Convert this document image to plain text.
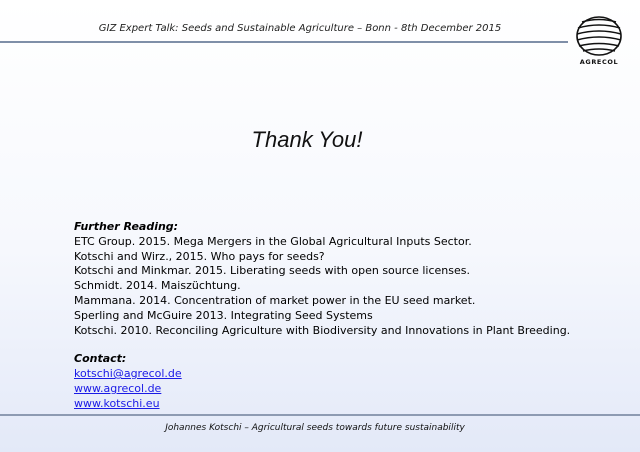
GIZ Expert Talk: Seeds and Sustainable Agriculture – Bonn - 8th December 2015
AGRECOL
Thank You!
Further Reading:
ETC Group. 2015. Mega Mergers in the Global Agricultural Inputs Sector.
Kotschi and Wirz., 2015. Who pays for seeds?
Kotschi and Minkmar. 2015. Liberating seeds with open source licenses.
Schmidt. 2014. Maiszüchtung.
Mammana. 2014. Concentration of market power in the EU seed market.
Sperling and McGuire 2013. Integrating Seed Systems
Kotschi. 2010. Reconciling Agriculture with Biodiversity and Innovations in Plant Breeding.
Contact:
kotschi@agrecol.de
www.agrecol.de
www.kotschi.eu
Johannes Kotschi – Agricultural seeds towards future sustainability
